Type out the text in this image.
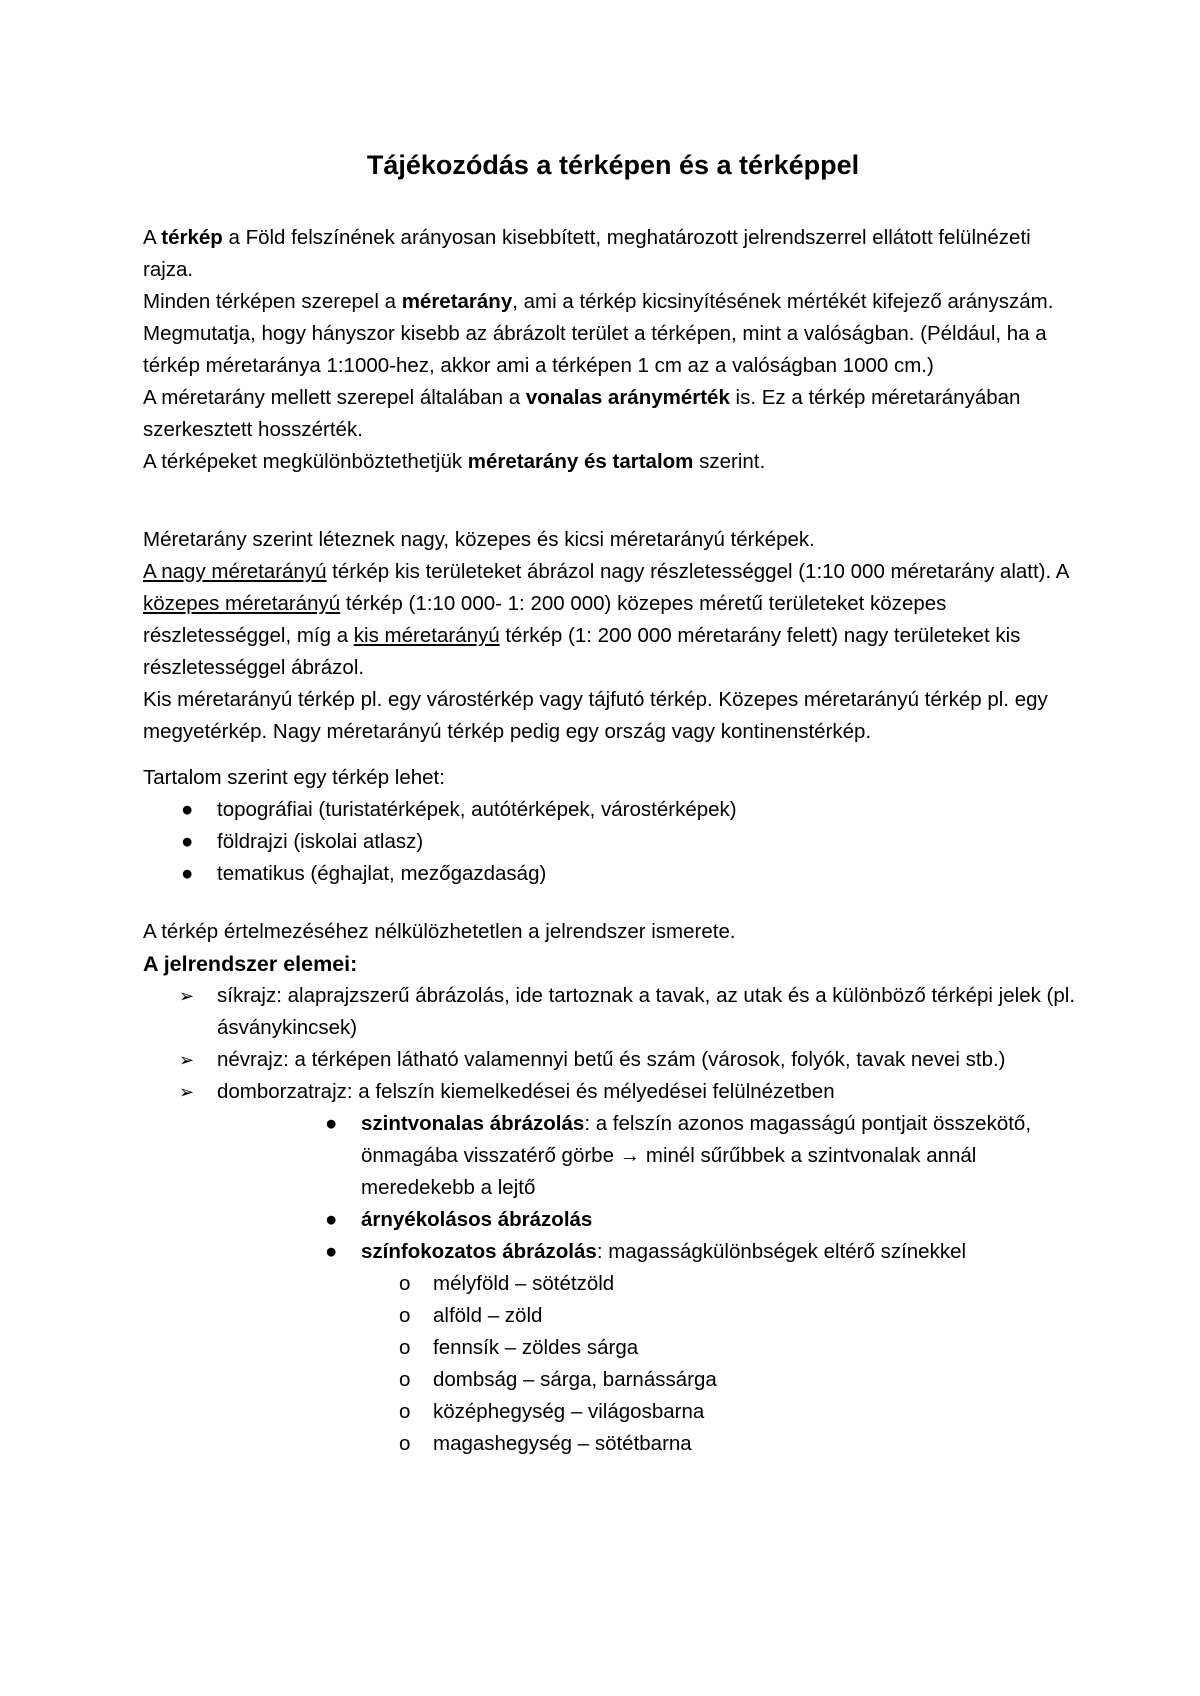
Tájékozódás a térképen és a térképpel

A térkép a Föld felszínének arányosan kisebbített, meghatározott jelrendszerrel ellátott felülnézeti rajza.

Minden térképen szerepel a méretarány, ami a térkép kicsinyítésének mértékét kifejező arányszám. Megmutatja, hogy hányszor kisebb az ábrázolt terület a térképen, mint a valóságban. (Például, ha a térkép méretaránya 1:1000-hez, akkor ami a térképen 1 cm az a valóságban 1000 cm.)

A méretarány mellett szerepel általában a vonalas aránymérték is. Ez a térkép méretarányában szerkesztett hosszérték.

A térképeket megkülönböztethetjük méretarány és tartalom szerint.

Méretarány szerint léteznek nagy, közepes és kicsi méretarányú térképek.

A nagy méretarányú térkép kis területeket ábrázol nagy részletességgel (1:10 000 méretarány alatt). A közepes méretarányú térkép (1:10 000- 1: 200 000) közepes méretű területeket közepes részletességgel, míg a kis méretarányú térkép (1: 200 000 méretarány felett) nagy területeket kis részletességgel ábrázol.

Kis méretarányú térkép pl. egy várostérkép vagy tájfutó térkép. Közepes méretarányú térkép pl. egy megyetérkép. Nagy méretarányú térkép pedig egy ország vagy kontinenstérkép.

Tartalom szerint egy térkép lehet:

● topográfiai (turistatérképek, autótérképek, várostérképek)
● földrajzi (iskolai atlasz)
● tematikus (éghajlat, mezőgazdaság)

A térkép értelmezéséhez nélkülözhetetlen a jelrendszer ismerete.

A jelrendszer elemei:

➢ síkrajz: alaprajzszerű ábrázolás, ide tartoznak a tavak, az utak és a különböző térképi jelek (pl. ásványkincsek)
➢ névrajz: a térképen látható valamennyi betű és szám (városok, folyók, tavak nevei stb.)
➢ domborzatrajz: a felszín kiemelkedései és mélyedései felülnézetben
● szintvonalas ábrázolás: a felszín azonos magasságú pontjait összekötő, önmagába visszatérő görbe → minél sűrűbbek a szintvonalak annál meredekebb a lejtő
● árnyékolásos ábrázolás
● színfokozatos ábrázolás: magasságkülönbségek eltérő színekkel
o mélyföld – sötétzöld
o alföld – zöld
o fennsík – zöldes sárga
o dombság – sárga, barnássárga
o középhegység – világosbarna
o magashegység – sötétbarna
